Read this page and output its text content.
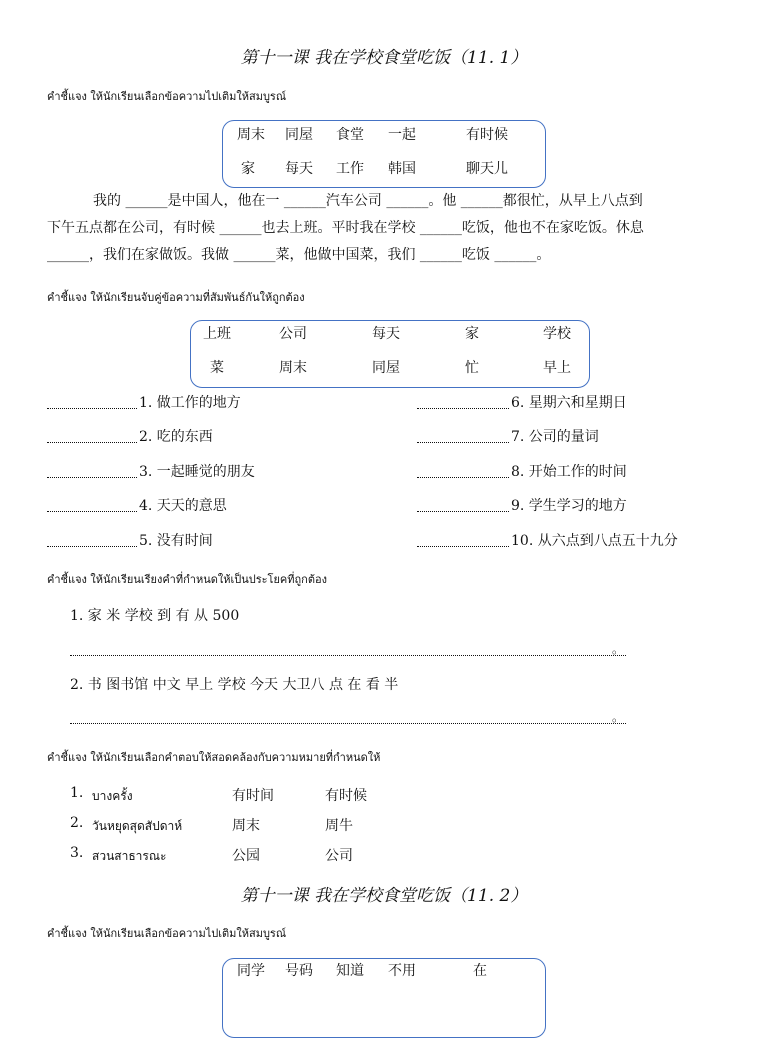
第十一课 我在学校食堂吃饭（11. 1）
คำชี้แจง ให้นักเรียนเลือกข้อความไปเติมให้สมบูรณ์
周末 同屋 食堂 一起	有时候
家 每天 工作 韩国	聊天儿
我的 ______是中国人，他在一 ______汽车公司 ______。他 ______都很忙，从早上八点到
下午五点都在公司，有时候 ______也去上班。平时我在学校 ______吃饭，他也不在家吃饭。休息
______，我们在家做饭。我做 ______菜，他做中国菜，我们 ______吃饭 ______。
คำชี้แจง ให้นักเรียนจับคู่ข้อความที่สัมพันธ์กันให้ถูกต้อง
上班	公司	每天	家	学校
菜	周末	同屋	忙	早上
1. 做工作的地方
2. 吃的东西
3. 一起睡觉的朋友
4. 天天的意思
5. 没有时间
6. 星期六和星期日
7. 公司的量词
8. 开始工作的时间
9. 学生学习的地方
10. 从六点到八点五十九分
คำชี้แจง ให้นักเรียนเรียงคำที่กำหนดให้เป็นประโยคที่ถูกต้อง
1. 家 米 学校 到 有 从 500
。
2. 书 图书馆 中文 早上 学校 今天 大卫八 点 在 看 半
。
คำชี้แจง ให้นักเรียนเลือกคำตอบให้สอดคล้องกับความหมายที่กำหนดให้
1. บางครั้ง	有时间	有时候
2. วันหยุดสุดสัปดาห์	周末	周牛
3. สวนสาธารณะ	公园	公司
第十一课 我在学校食堂吃饭（11. 2）
คำชี้แจง ให้นักเรียนเลือกข้อความไปเติมให้สมบูรณ์
同学 号码 知道 不用	在
